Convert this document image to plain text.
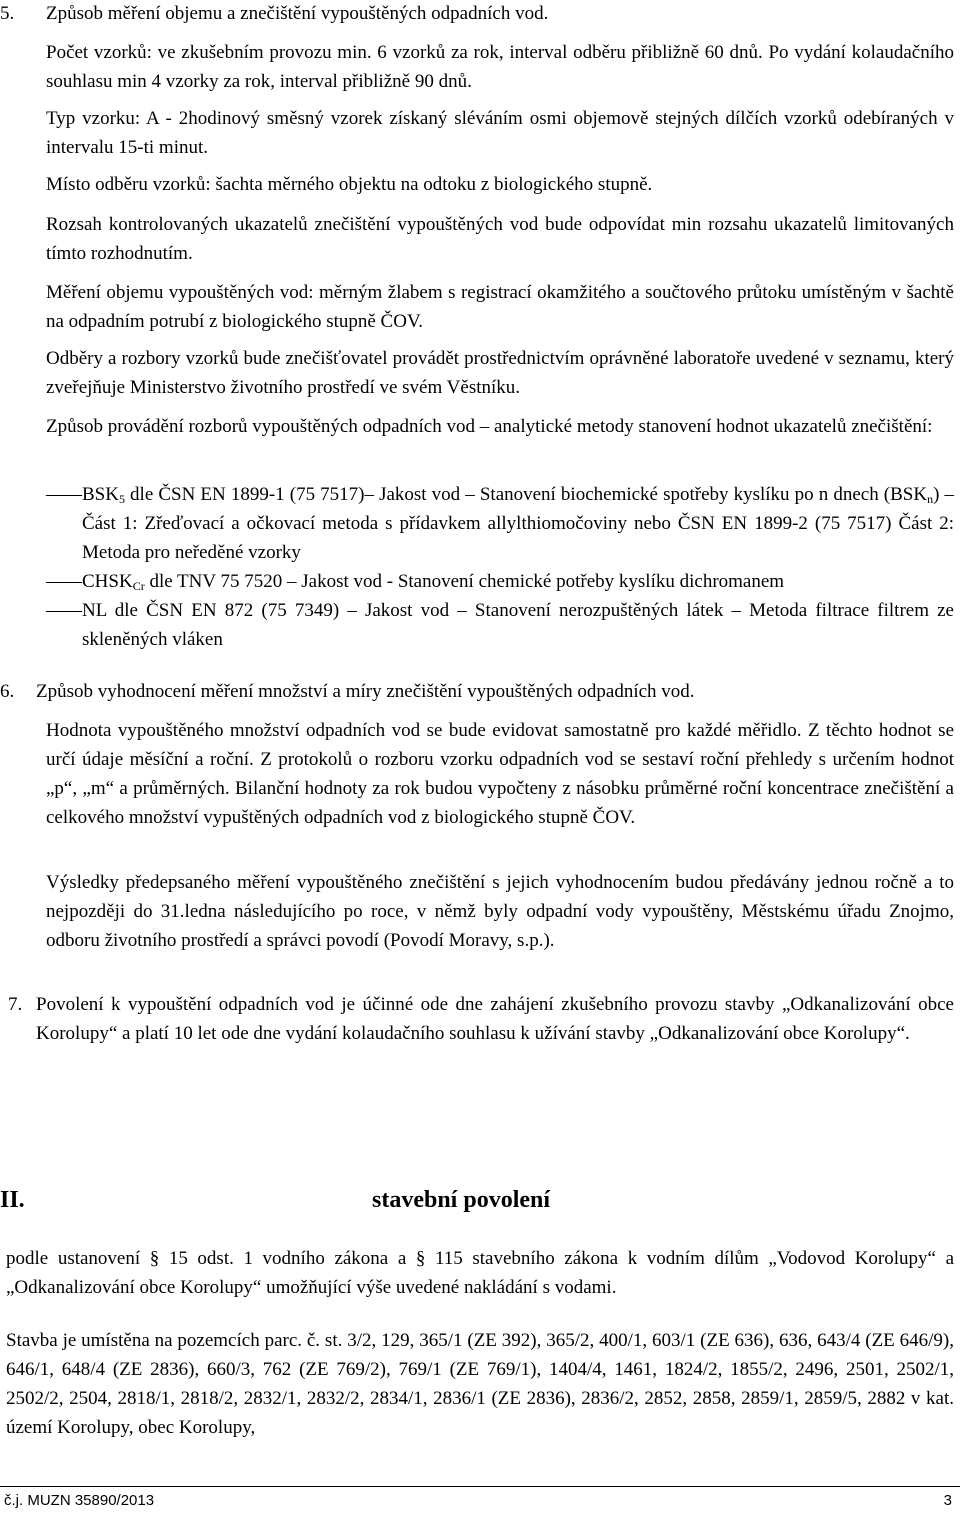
5. Způsob měření objemu a znečištění vypouštěných odpadních vod.

Počet vzorků: ve zkušebním provozu min. 6 vzorků za rok, interval odběru přibližně 60 dnů. Po vydání kolaudačního souhlasu min 4 vzorky za rok, interval přibližně 90 dnů.

Typ vzorku: A - 2hodinový směsný vzorek získaný sléváním osmi objemově stejných dílčích vzorků odebíraných v intervalu 15-ti minut.

Místo odběru vzorků: šachta měrného objektu na odtoku z biologického stupně.

Rozsah kontrolovaných ukazatelů znečištění vypouštěných vod bude odpovídat min rozsahu ukazatelů limitovaných tímto rozhodnutím.

Měření objemu vypouštěných vod: měrným žlabem s registrací okamžitého a součtového průtoku umístěným v šachtě na odpadním potrubí z biologického stupně ČOV.

Odběry a rozbory vzorků bude znečišťovatel provádět prostřednictvím oprávněné laboratoře uvedené v seznamu, který zveřejňuje Ministerstvo životního prostředí ve svém Věstníku.

Způsob provádění rozborů vypouštěných odpadních vod – analytické metody stanovení hodnot ukazatelů znečištění:

——
$BSK_5$ dle ČSN EN 1899-1 (75 7517)– Jakost vod – Stanovení biochemické spotřeby kyslíku po n dnech $(BSK_n)$ – Část 1: Zřeďovací a očkovací metoda s přídavkem allylthiomočoviny nebo ČSN EN 1899-2 (75 7517) Část 2: Metoda pro neředěné vzorky
——
$CHSK_{Cr}$ dle TNV 75 7520 – Jakost vod - Stanovení chemické potřeby kyslíku dichromanem
——
NL dle ČSN EN 872 (75 7349) – Jakost vod – Stanovení nerozpuštěných látek – Metoda filtrace filtrem ze skleněných vláken
6. Způsob vyhodnocení měření množství a míry znečištění vypouštěných odpadních vod.

Hodnota vypouštěného množství odpadních vod se bude evidovat samostatně pro každé měřidlo. Z těchto hodnot se určí údaje měsíční a roční. Z protokolů o rozboru vzorku odpadních vod se sestaví roční přehledy s určením hodnot „p“, „m“ a průměrných. Bilanční hodnoty za rok budou vypočteny z násobku průměrné roční koncentrace znečištění a celkového množství vypuštěných odpadních vod z biologického stupně ČOV.

Výsledky předepsaného měření vypouštěného znečištění s jejich vyhodnocením budou předávány jednou ročně a to nejpozději do 31.ledna následujícího po roce, v němž byly odpadní vody vypouštěny, Městskému úřadu Znojmo, odboru životního prostředí a správci povodí (Povodí Moravy, s.p.).

7. Povolení k vypouštění odpadních vod je účinné ode dne zahájení zkušebního provozu stavby „Odkanalizování obce Korolupy“ a platí 10 let ode dne vydání kolaudačního souhlasu k užívání stavby „Odkanalizování obce Korolupy“.
II.	stavební povolení

podle ustanovení § 15 odst. 1 vodního zákona a § 115 stavebního zákona k vodním dílům „Vodovod Korolupy“ a „Odkanalizování obce Korolupy“ umožňující výše uvedené nakládání s vodami.

Stavba je umístěna na pozemcích parc. č. st. 3/2, 129, 365/1 (ZE 392), 365/2, 400/1, 603/1 (ZE 636), 636, 643/4 (ZE 646/9), 646/1, 648/4 (ZE 2836), 660/3, 762 (ZE 769/2), 769/1 (ZE 769/1), 1404/4, 1461, 1824/2, 1855/2, 2496, 2501, 2502/1, 2502/2, 2504, 2818/1, 2818/2, 2832/1, 2832/2, 2834/1, 2836/1 (ZE 2836), 2836/2, 2852, 2858, 2859/1, 2859/5, 2882 v kat. území Korolupy, obec Korolupy,

č.j. MUZN 35890/2013	3
